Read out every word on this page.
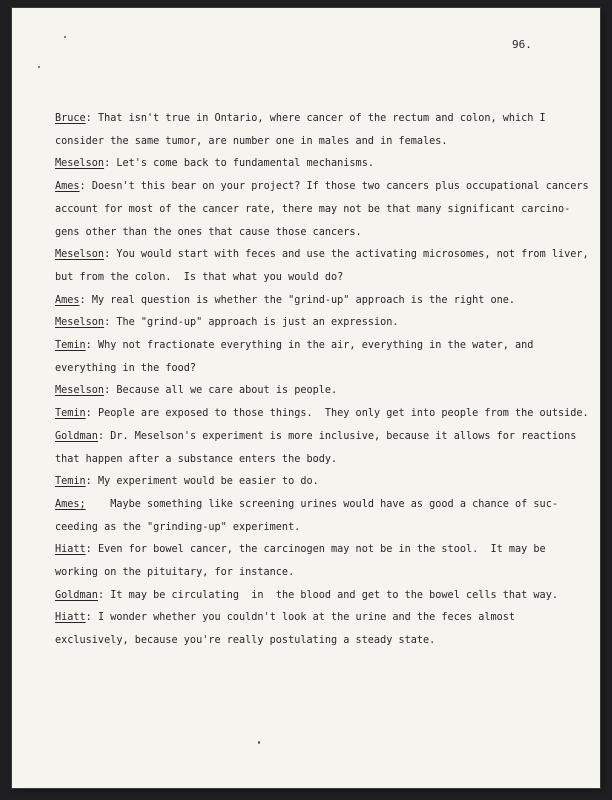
96.
Bruce: That isn't true in Ontario, where cancer of the rectum and colon, which I
consider the same tumor, are number one in males and in females.
Meselson: Let's come back to fundamental mechanisms.
Ames: Doesn't this bear on your project? If those two cancers plus occupational cancers
account for most of the cancer rate, there may not be that many significant carcino-
gens other than the ones that cause those cancers.
Meselson: You would start with feces and use the activating microsomes, not from liver,
but from the colon.  Is that what you would do?
Ames: My real question is whether the "grind-up" approach is the right one.
Meselson: The "grind-up" approach is just an expression.
Temin: Why not fractionate everything in the air, everything in the water, and
everything in the food?
Meselson: Because all we care about is people.
Temin: People are exposed to those things.  They only get into people from the outside.
Goldman: Dr. Meselson's experiment is more inclusive, because it allows for reactions
that happen after a substance enters the body.
Temin: My experiment would be easier to do.
Ames; Maybe something like screening urines would have as good a chance of suc-
ceeding as the "grinding-up" experiment.
Hiatt: Even for bowel cancer, the carcinogen may not be in the stool.  It may be
working on the pituitary, for instance.
Goldman: It may be circulating  in  the blood and get to the bowel cells that way.
Hiatt: I wonder whether you couldn't look at the urine and the feces almost
exclusively, because you're really postulating a steady state.
